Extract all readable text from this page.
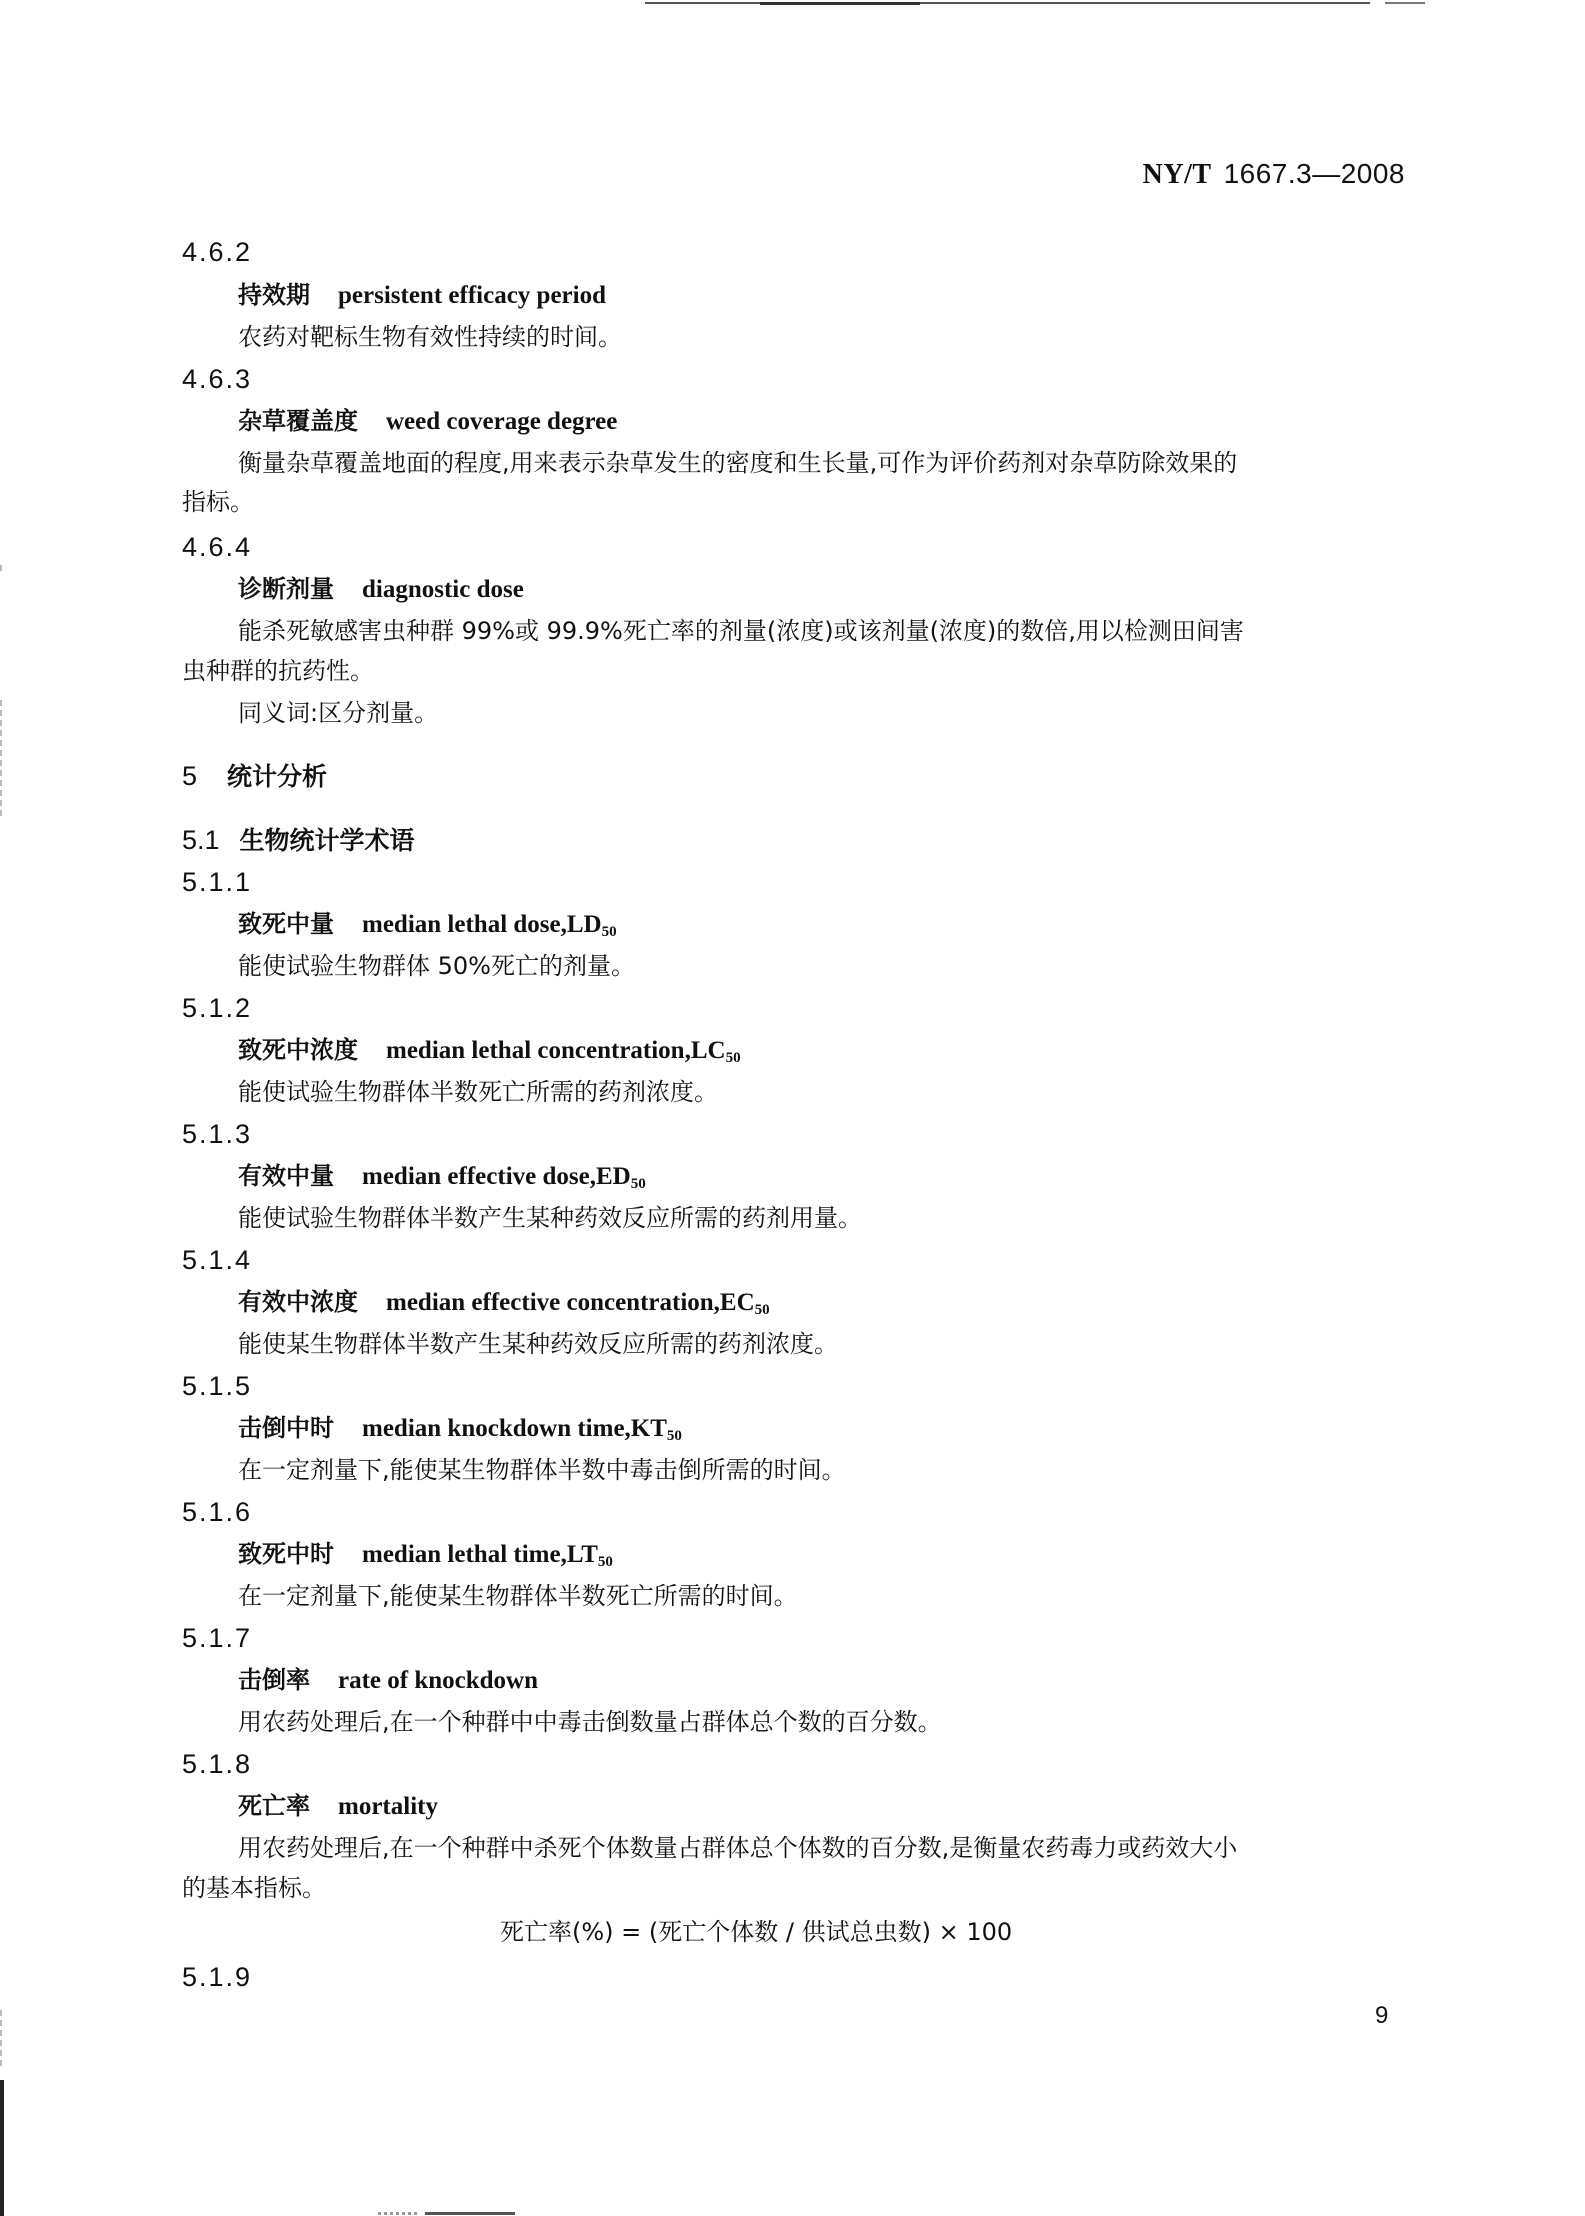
NY/T 1667.3—2008
4.6.2
持效期 persistent efficacy period
农药对靶标生物有效性持续的时间。
4.6.3
杂草覆盖度 weed coverage degree
衡量杂草覆盖地面的程度,用来表示杂草发生的密度和生长量,可作为评价药剂对杂草防除效果的
指标。
4.6.4
诊断剂量 diagnostic dose
能杀死敏感害虫种群 99%或 99.9%死亡率的剂量(浓度)或该剂量(浓度)的数倍,用以检测田间害
虫种群的抗药性。
同义词:区分剂量。
5 统计分析
5.1 生物统计学术语
5.1.1
致死中量 median lethal $dose,LD_{50}$
能使试验生物群体 50%死亡的剂量。
5.1.2
致死中浓度 median lethal $concentration,LC_{50}$
能使试验生物群体半数死亡所需的药剂浓度。
5.1.3
有效中量 median effective $dose,ED_{50}$
能使试验生物群体半数产生某种药效反应所需的药剂用量。
5.1.4
有效中浓度 median effective $concentration,EC_{50}$
能使某生物群体半数产生某种药效反应所需的药剂浓度。
5.1.5
击倒中时 median knockdown $time,KT_{50}$
在一定剂量下,能使某生物群体半数中毒击倒所需的时间。
5.1.6
致死中时 median lethal $time,LT_{50}$
在一定剂量下,能使某生物群体半数死亡所需的时间。
5.1.7
击倒率 rate of knockdown
用农药处理后,在一个种群中中毒击倒数量占群体总个数的百分数。
5.1.8
死亡率 mortality
用农药处理后,在一个种群中杀死个体数量占群体总个体数的百分数,是衡量农药毒力或药效大小
的基本指标。
死亡率(%) = (死亡个体数 / 供试总虫数) × 100
5.1.9
9
